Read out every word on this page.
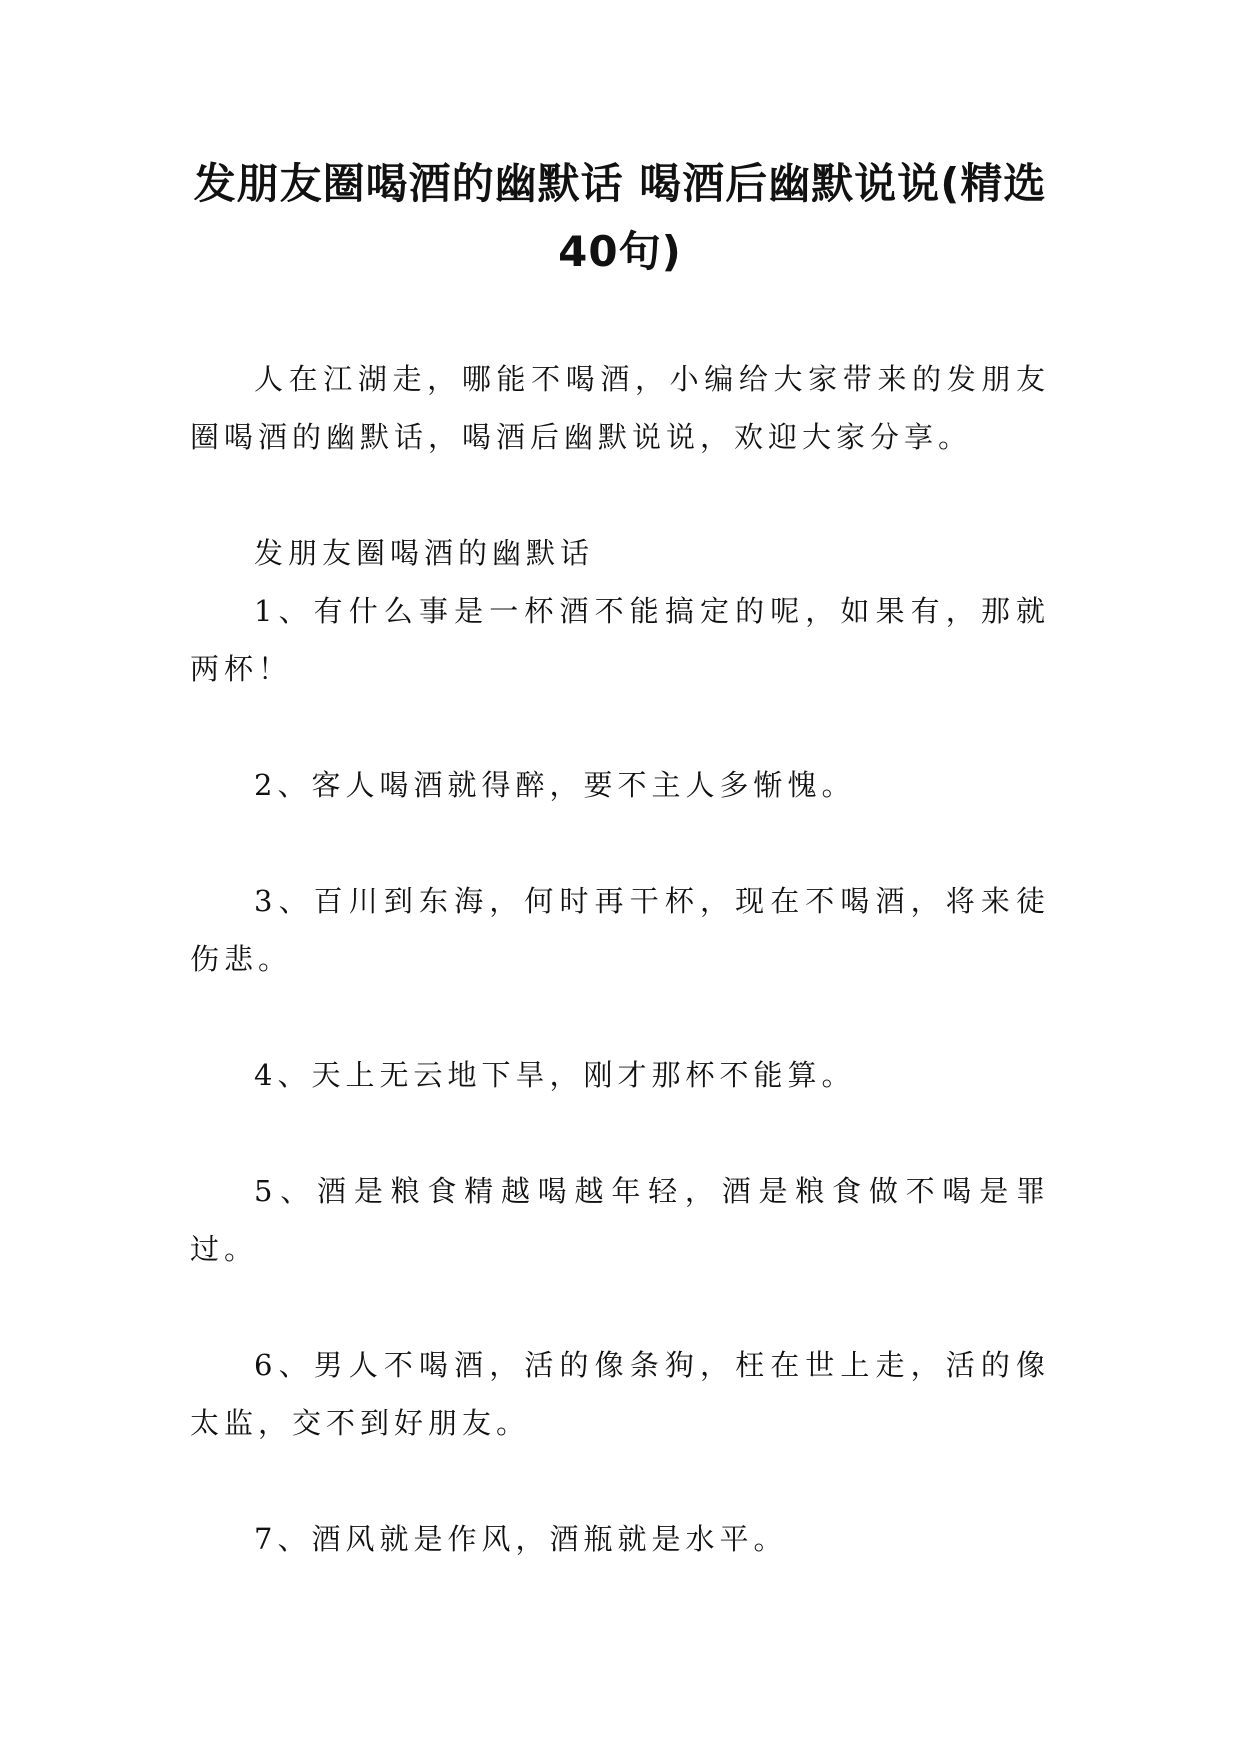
发朋友圈喝酒的幽默话 喝酒后幽默说说(精选40句)

人在江湖走，哪能不喝酒，小编给大家带来的发朋友圈喝酒的幽默话，喝酒后幽默说说，欢迎大家分享。

发朋友圈喝酒的幽默话

1、有什么事是一杯酒不能搞定的呢，如果有，那就两杯！

2、客人喝酒就得醉，要不主人多惭愧。

3、百川到东海，何时再干杯，现在不喝酒，将来徒伤悲。

4、天上无云地下旱，刚才那杯不能算。

5、酒是粮食精越喝越年轻，酒是粮食做不喝是罪过。

6、男人不喝酒，活的像条狗，枉在世上走，活的像太监，交不到好朋友。

7、酒风就是作风，酒瓶就是水平。
